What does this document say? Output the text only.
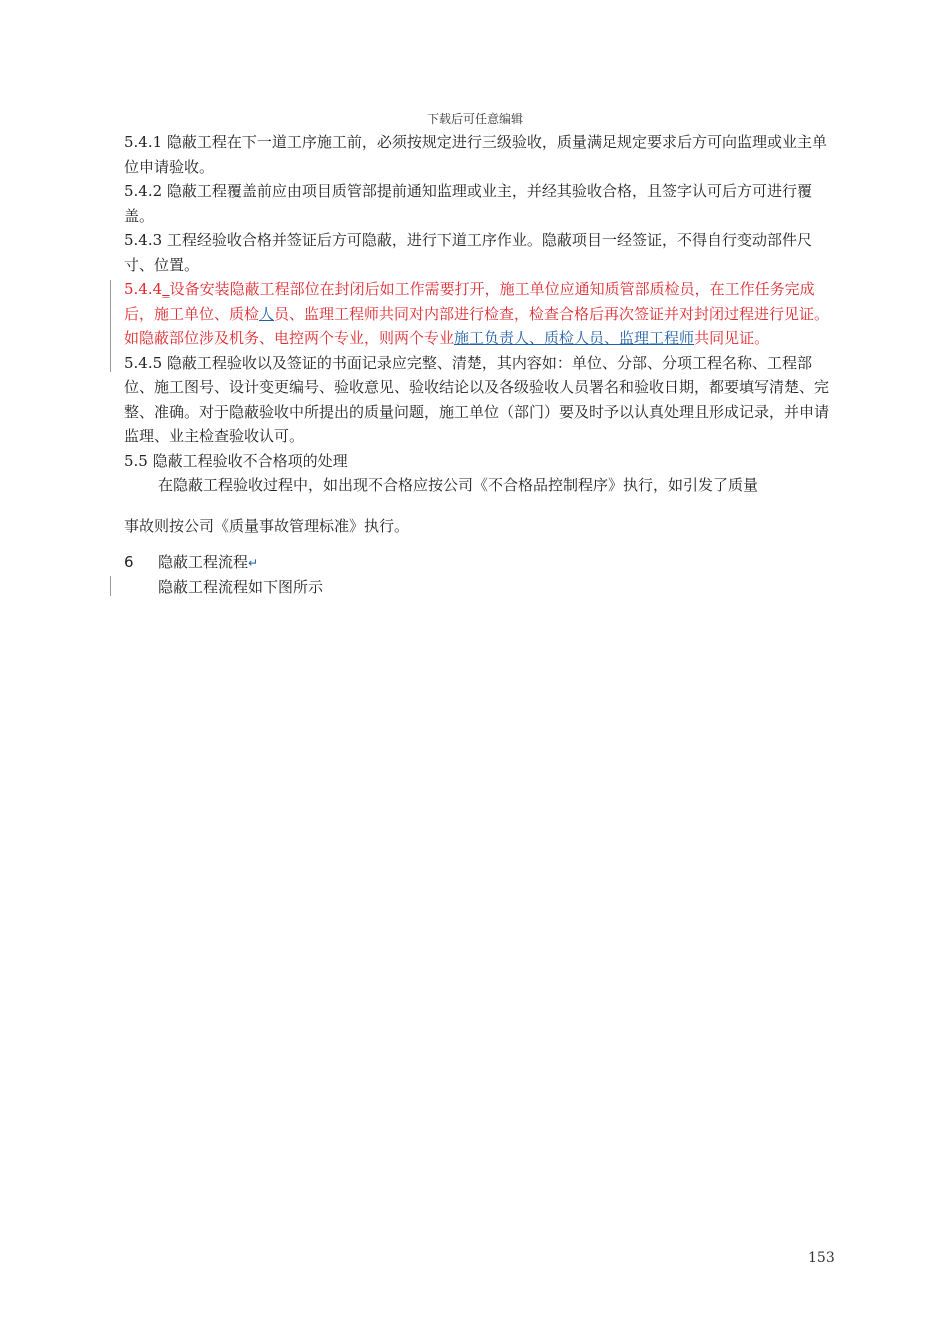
下载后可任意编辑

5.4.1 隐蔽工程在下一道工序施工前，必须按规定进行三级验收，质量满足规定要求后方可向监理或业主单位申请验收。

5.4.2 隐蔽工程覆盖前应由项目质管部提前通知监理或业主，并经其验收合格，且签字认可后方可进行覆盖。

5.4.3 工程经验收合格并签证后方可隐蔽，进行下道工序作业。隐蔽项目一经签证，不得自行变动部件尺寸、位置。

5.4.4_设备安装隐蔽工程部位在封闭后如工作需要打开，施工单位应通知质管部质检员，在工作任务完成后，施工单位、质检人员、监理工程师共同对内部进行检查，检查合格后再次签证并对封闭过程进行见证。如隐蔽部位涉及机务、电控两个专业，则两个专业施工负责人、质检人员、监理工程师共同见证。

5.4.5 隐蔽工程验收以及签证的书面记录应完整、清楚，其内容如：单位、分部、分项工程名称、工程部位、施工图号、设计变更编号、验收意见、验收结论以及各级验收人员署名和验收日期，都要填写清楚、完整、准确。对于隐蔽验收中所提出的质量问题，施工单位（部门）要及时予以认真处理且形成记录，并申请监理、业主检查验收认可。

5.5 隐蔽工程验收不合格项的处理

在隐蔽工程验收过程中，如出现不合格应按公司《不合格品控制程序》执行，如引发了质量

事故则按公司《质量事故管理标准》执行。

6 隐蔽工程流程↵

隐蔽工程流程如下图所示

153
